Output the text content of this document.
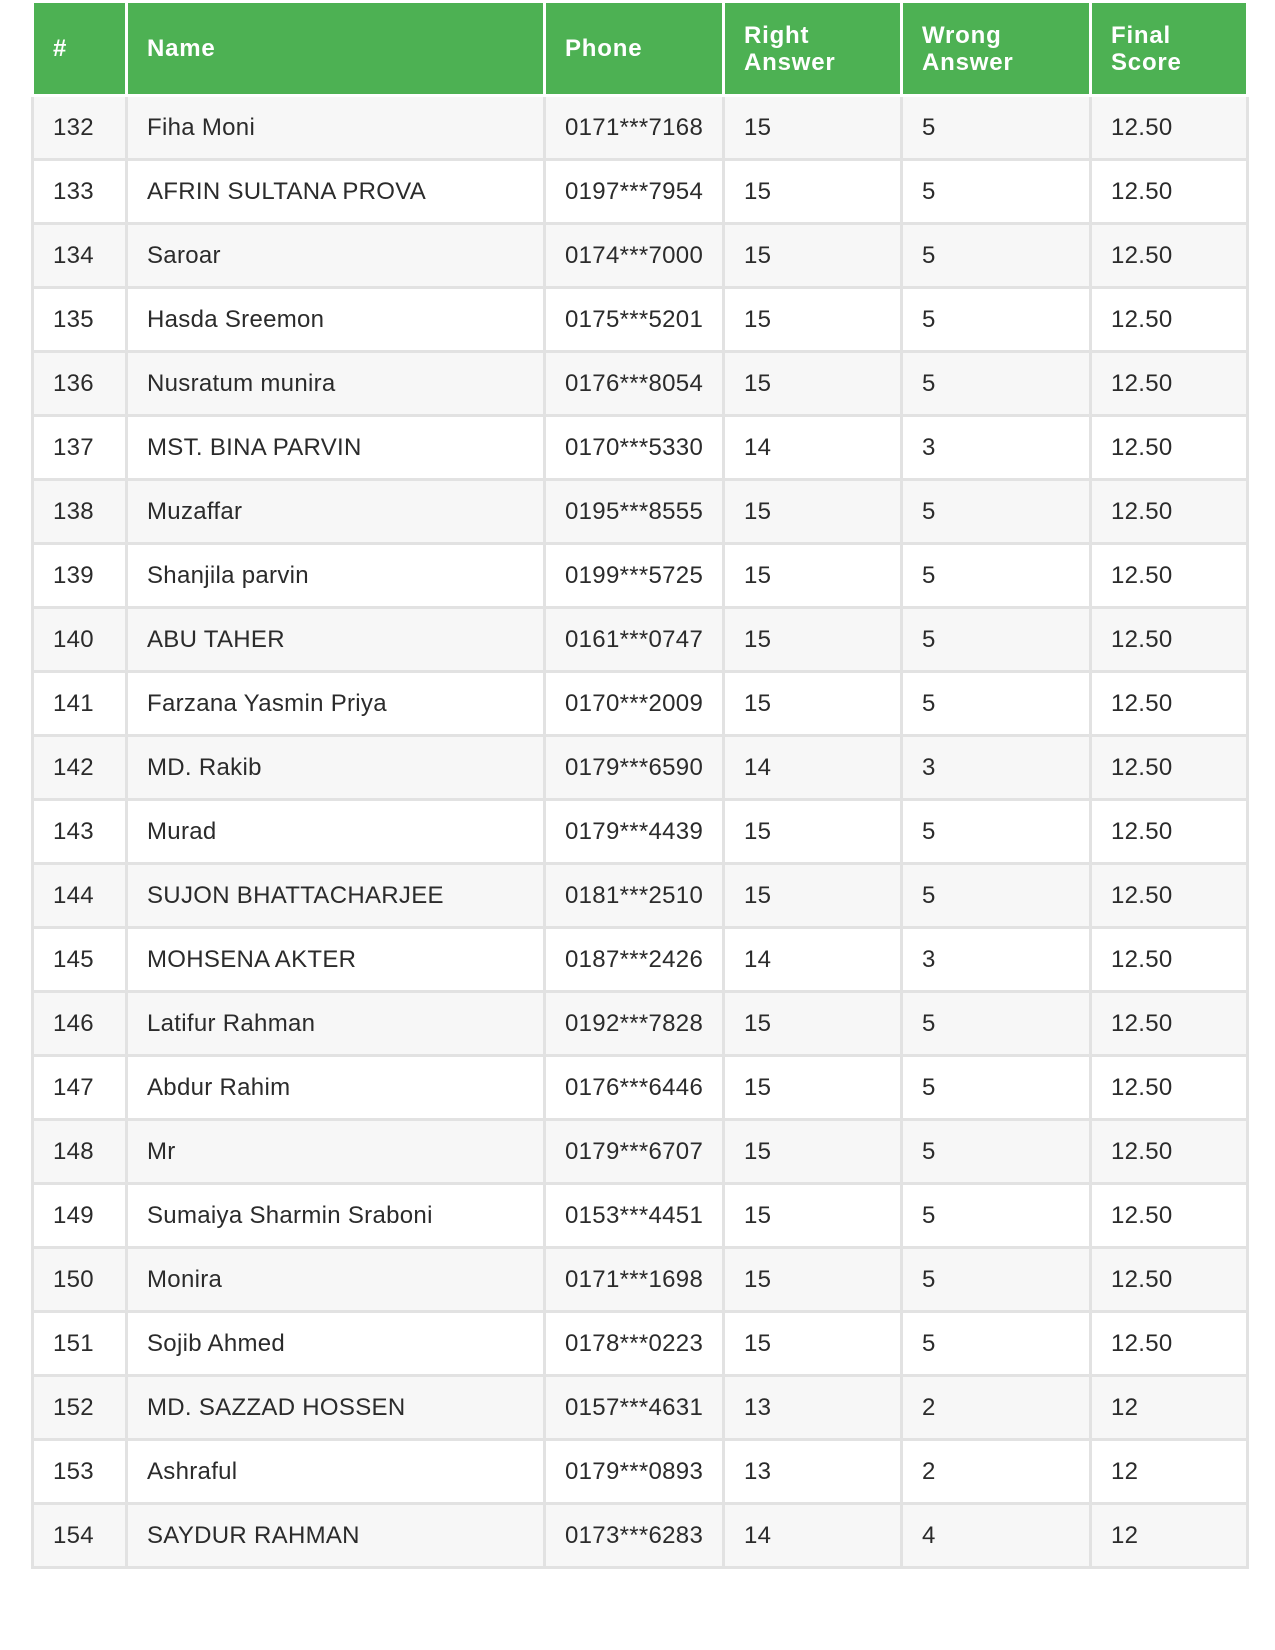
#	Name	Phone	Right Answer	Wrong Answer	Final Score
132	Fiha Moni	0171***7168	15	5	12.50
133	AFRIN SULTANA PROVA	0197***7954	15	5	12.50
134	Saroar	0174***7000	15	5	12.50
135	Hasda Sreemon	0175***5201	15	5	12.50
136	Nusratum munira	0176***8054	15	5	12.50
137	MST. BINA PARVIN	0170***5330	14	3	12.50
138	Muzaffar	0195***8555	15	5	12.50
139	Shanjila parvin	0199***5725	15	5	12.50
140	ABU TAHER	0161***0747	15	5	12.50
141	Farzana Yasmin Priya	0170***2009	15	5	12.50
142	MD. Rakib	0179***6590	14	3	12.50
143	Murad	0179***4439	15	5	12.50
144	SUJON BHATTACHARJEE	0181***2510	15	5	12.50
145	MOHSENA AKTER	0187***2426	14	3	12.50
146	Latifur Rahman	0192***7828	15	5	12.50
147	Abdur Rahim	0176***6446	15	5	12.50
148	Mr	0179***6707	15	5	12.50
149	Sumaiya Sharmin Sraboni	0153***4451	15	5	12.50
150	Monira	0171***1698	15	5	12.50
151	Sojib Ahmed	0178***0223	15	5	12.50
152	MD. SAZZAD HOSSEN	0157***4631	13	2	12
153	Ashraful	0179***0893	13	2	12
154	SAYDUR RAHMAN	0173***6283	14	4	12
